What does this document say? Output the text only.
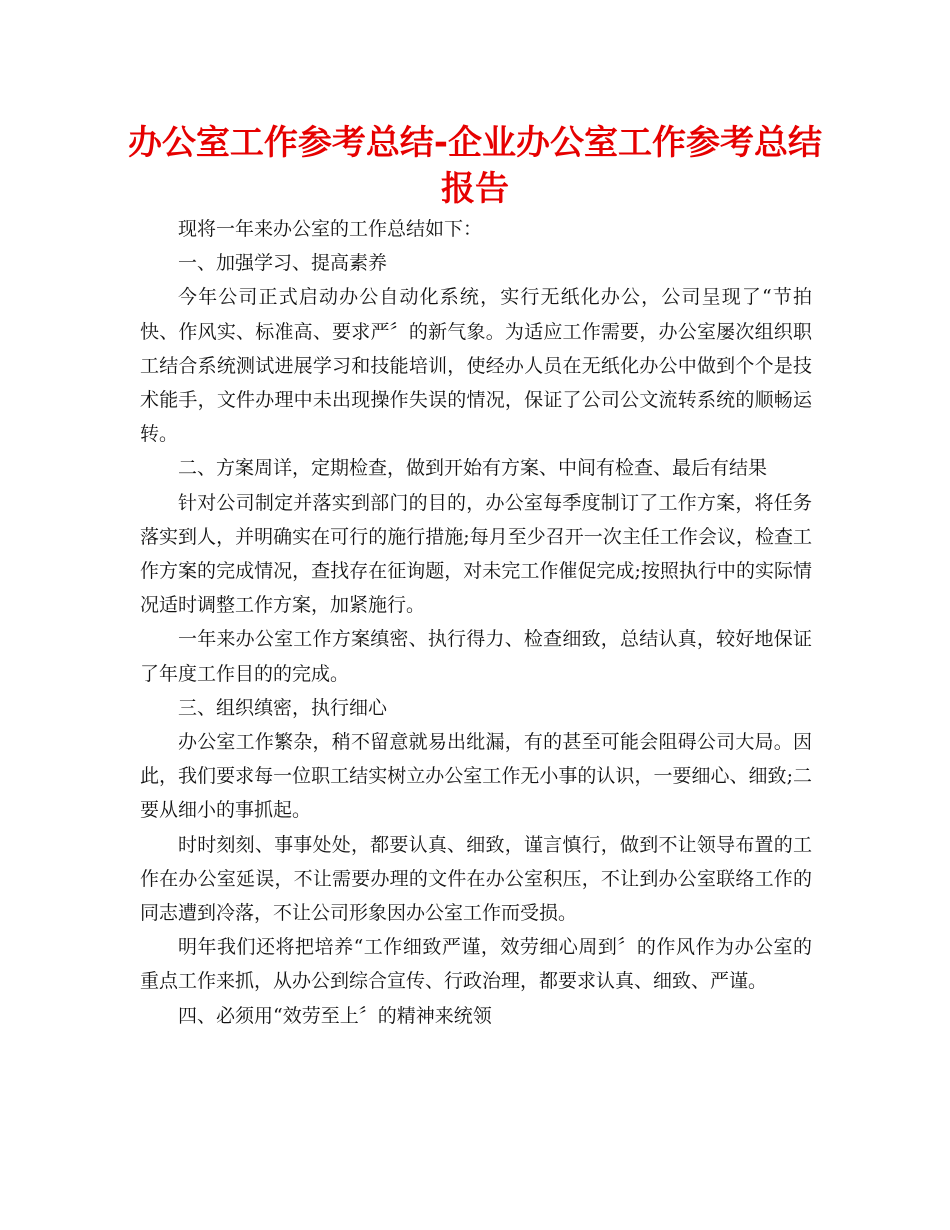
办公室工作参考总结-企业办公室工作参考总结报告

现将一年来办公室的工作总结如下：

一、加强学习、提高素养

今年公司正式启动办公自动化系统，实行无纸化办公，公司呈现了“节拍快、作风实、标准高、要求严〞的新气象。为适应工作需要，办公室屡次组织职工结合系统测试进展学习和技能培训，使经办人员在无纸化办公中做到个个是技术能手，文件办理中未出现操作失误的情况，保证了公司公文流转系统的顺畅运转。

二、方案周详，定期检查，做到开始有方案、中间有检查、最后有结果

针对公司制定并落实到部门的目的，办公室每季度制订了工作方案，将任务落实到人，并明确实在可行的施行措施;每月至少召开一次主任工作会议，检查工作方案的完成情况，查找存在征询题，对未完工作催促完成;按照执行中的实际情况适时调整工作方案，加紧施行。

一年来办公室工作方案缜密、执行得力、检查细致，总结认真，较好地保证了年度工作目的的完成。

三、组织缜密，执行细心

办公室工作繁杂，稍不留意就易出纰漏，有的甚至可能会阻碍公司大局。因此，我们要求每一位职工结实树立办公室工作无小事的认识，一要细心、细致;二要从细小的事抓起。

时时刻刻、事事处处，都要认真、细致，谨言慎行，做到不让领导布置的工作在办公室延误，不让需要办理的文件在办公室积压，不让到办公室联络工作的同志遭到冷落，不让公司形象因办公室工作而受损。

明年我们还将把培养“工作细致严谨，效劳细心周到〞的作风作为办公室的重点工作来抓，从办公到综合宣传、行政治理，都要求认真、细致、严谨。

四、必须用“效劳至上〞的精神来统领
